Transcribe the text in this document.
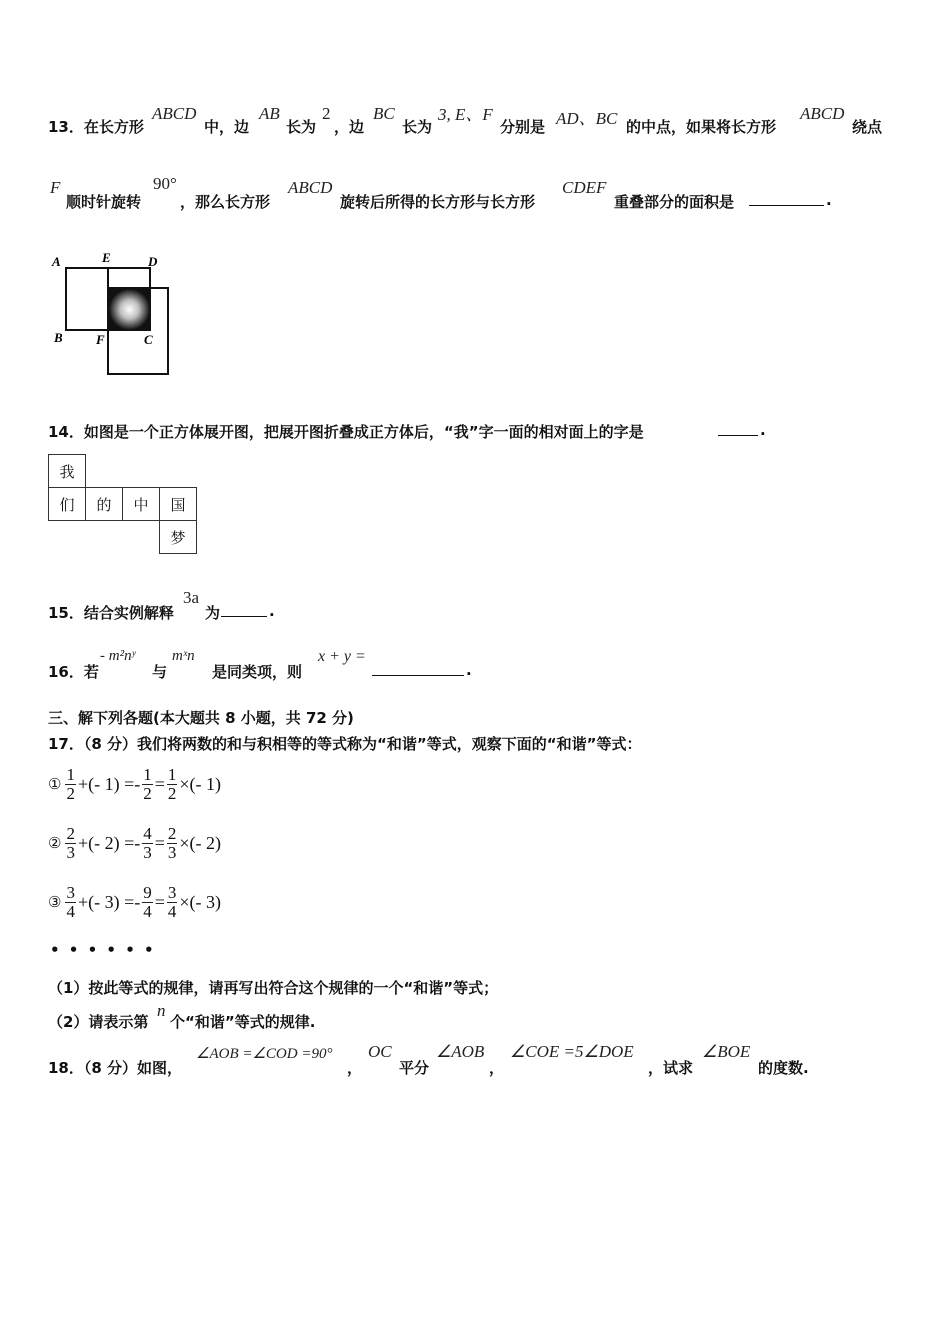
13．在长方形
ABCD
中，边
AB
长为
2
，边
BC
长为
3, E、F
分别是 AD、BC 的中点，如果将长方形
ABCD
绕点
F
顺时针旋转
90°
，那么长方形
ABCD
旋转后所得的长方形与长方形
CDEF
重叠部分的面积是	.
A	E	D
B	F	C
14．如图是一个正方体展开图，把展开图折叠成正方体后，“我”字一面的相对面上的字是	.
我			
们	的	中	国
			梦
15．结合实例解释
3a
为	.
16．若
- m²nʸ
与
mˣn
是同类项，则
x + y =
.
三、解下列各题(本大题共 8 小题，共 72 分)
17．（8 分）我们将两数的和与积相等的等式称为“和谐”等式，观察下面的“和谐”等式：
① $\frac{1}{2}$ +(- $1) =- \frac{1}{2} = \frac{1}{2}$ ×(- 1)
② $\frac{2}{3}$ +(- $2) =- \frac{4}{3} = \frac{2}{3}$ ×(- 2)
③ $\frac{3}{4}$ +(- $3) =- \frac{9}{4} = \frac{3}{4}$ ×(- 3)
• • • • • •
（1）按此等式的规律，请再写出符合这个规律的一个“和谐”等式；
（2）请表示第
n
个“和谐”等式的规律.
18．（8 分）如图，
∠AOB =∠COD =90°
，
OC
平分
∠AOB
，
∠COE =5∠DOE
，试求
∠BOE
的度数.
